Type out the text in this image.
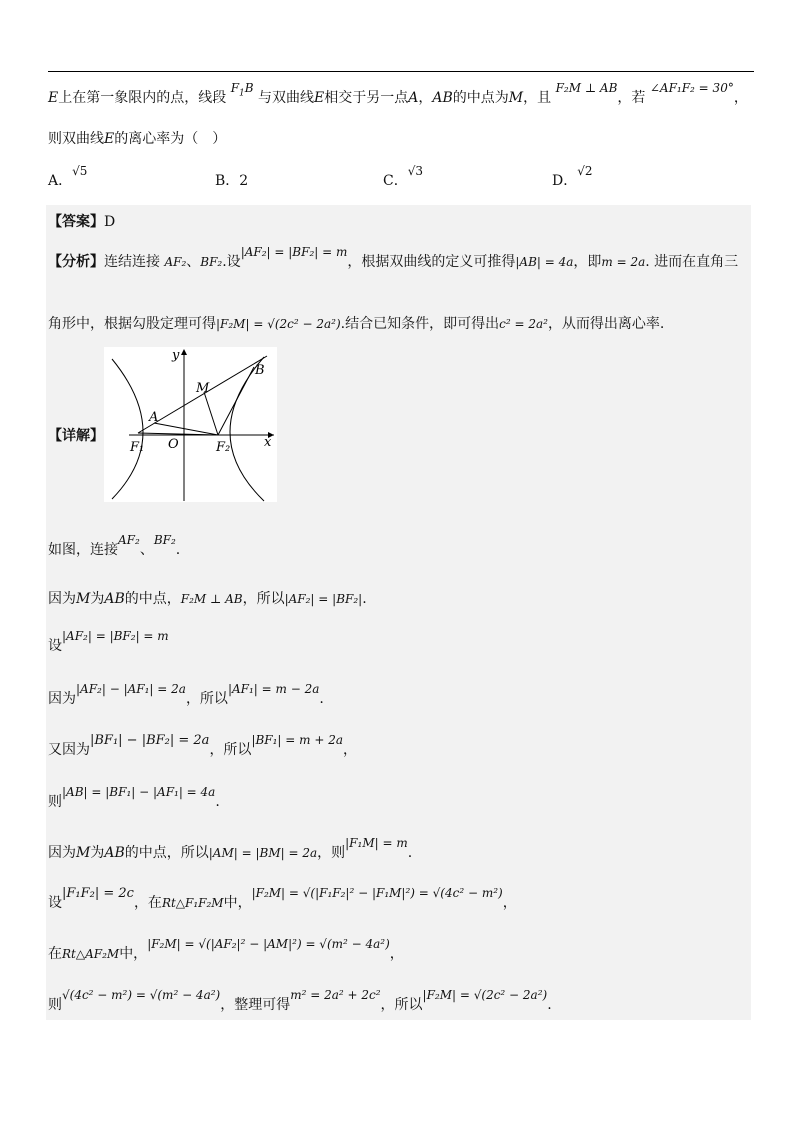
E上在第一象限内的点，线段 $F_1B$ 与双曲线E相交于另一点A，AB的中点为M，且 F₂M ⊥ AB，若 ∠AF₁F₂ = 30°，
则双曲线E的离心率为（　）
A．√5
B．2	C．√3
D．√2
【答案】D
【分析】连结连接 AF₂、BF₂.设|AF₂| = |BF₂| = m，根据双曲线的定义可推得|AB| = 4a，即m = 2a. 进而在直角三
角形中，根据勾股定理可得|F₂M| = √(2c² − 2a²).结合已知条件，即可得出c² = 2a²，从而得出离心率.
【详解】
y
x
B
M
A
F₁ O	F₂
如图，连接AF₂、BF₂.
因为M为AB的中点，F₂M ⊥ AB，所以|AF₂| = |BF₂|.
设|AF₂| = |BF₂| = m
因为|AF₂| − |AF₁| = 2a，所以|AF₁| = m − 2a.
又因为|BF₁| − |BF₂| = 2a，所以|BF₁| = m + 2a，
则|AB| = |BF₁| − |AF₁| = 4a.
因为M为AB的中点，所以|AM| = |BM| = 2a，则|F₁M| = m.
设|F₁F₂| = 2c，在Rt△F₁F₂M中，|F₂M| = √(|F₁F₂|² − |F₁M|²) = √(4c² − m²)，
在Rt△AF₂M中，|F₂M| = √(|AF₂|² − |AM|²) = √(m² − 4a²)，
则√(4c² − m²) = √(m² − 4a²)，整理可得m² = 2a² + 2c²，所以|F₂M| = √(2c² − 2a²).
